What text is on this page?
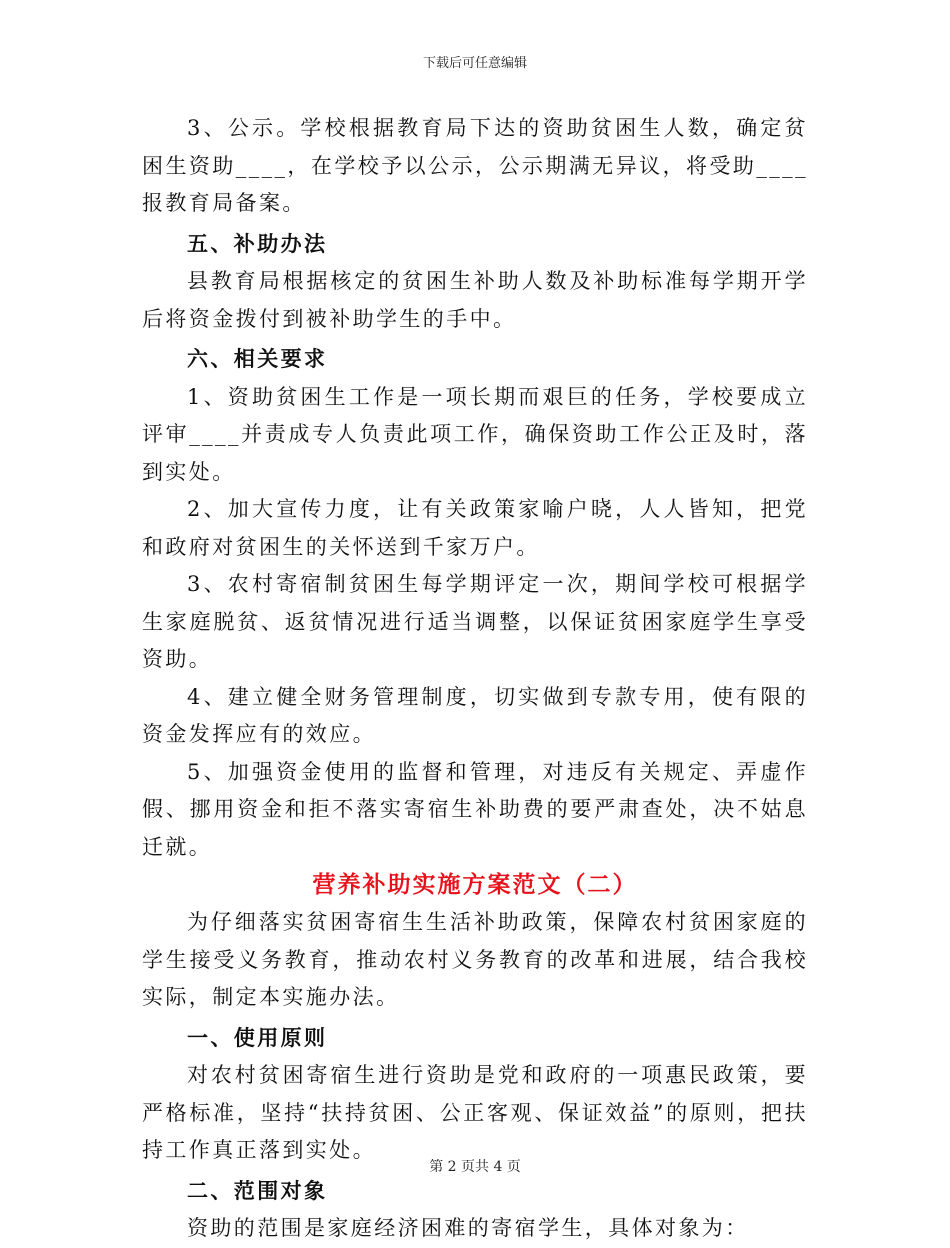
下载后可任意编辑

3、公示。学校根据教育局下达的资助贫困生人数，确定贫困生资助____，在学校予以公示，公示期满无异议，将受助____报教育局备案。

五、补助办法

县教育局根据核定的贫困生补助人数及补助标准每学期开学后将资金拨付到被补助学生的手中。

六、相关要求

1、资助贫困生工作是一项长期而艰巨的任务，学校要成立评审____并责成专人负责此项工作，确保资助工作公正及时，落到实处。

2、加大宣传力度，让有关政策家喻户晓，人人皆知，把党和政府对贫困生的关怀送到千家万户。

3、农村寄宿制贫困生每学期评定一次，期间学校可根据学生家庭脱贫、返贫情况进行适当调整，以保证贫困家庭学生享受资助。

4、建立健全财务管理制度，切实做到专款专用，使有限的资金发挥应有的效应。

5、加强资金使用的监督和管理，对违反有关规定、弄虚作假、挪用资金和拒不落实寄宿生补助费的要严肃查处，决不姑息迁就。

营养补助实施方案范文（二）

为仔细落实贫困寄宿生生活补助政策，保障农村贫困家庭的学生接受义务教育，推动农村义务教育的改革和进展，结合我校实际，制定本实施办法。

一、使用原则

对农村贫困寄宿生进行资助是党和政府的一项惠民政策，要严格标准，坚持“扶持贫困、公正客观、保证效益”的原则，把扶持工作真正落到实处。

二、范围对象

资助的范围是家庭经济困难的寄宿学生，具体对象为：

第 2 页共 4 页
